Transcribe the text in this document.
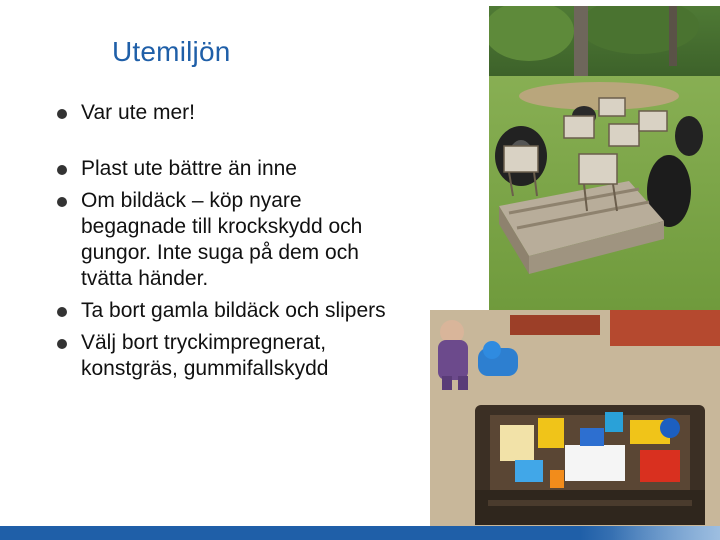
Utemiljön
Var ute mer!
Plast ute bättre än inne
Om bildäck – köp nyare begagnade till krockskydd och gungor. Inte suga på dem och tvätta händer.
Ta bort gamla bildäck och slipers
Välj bort tryckimpregnerat, konstgräs, gummifallskydd
